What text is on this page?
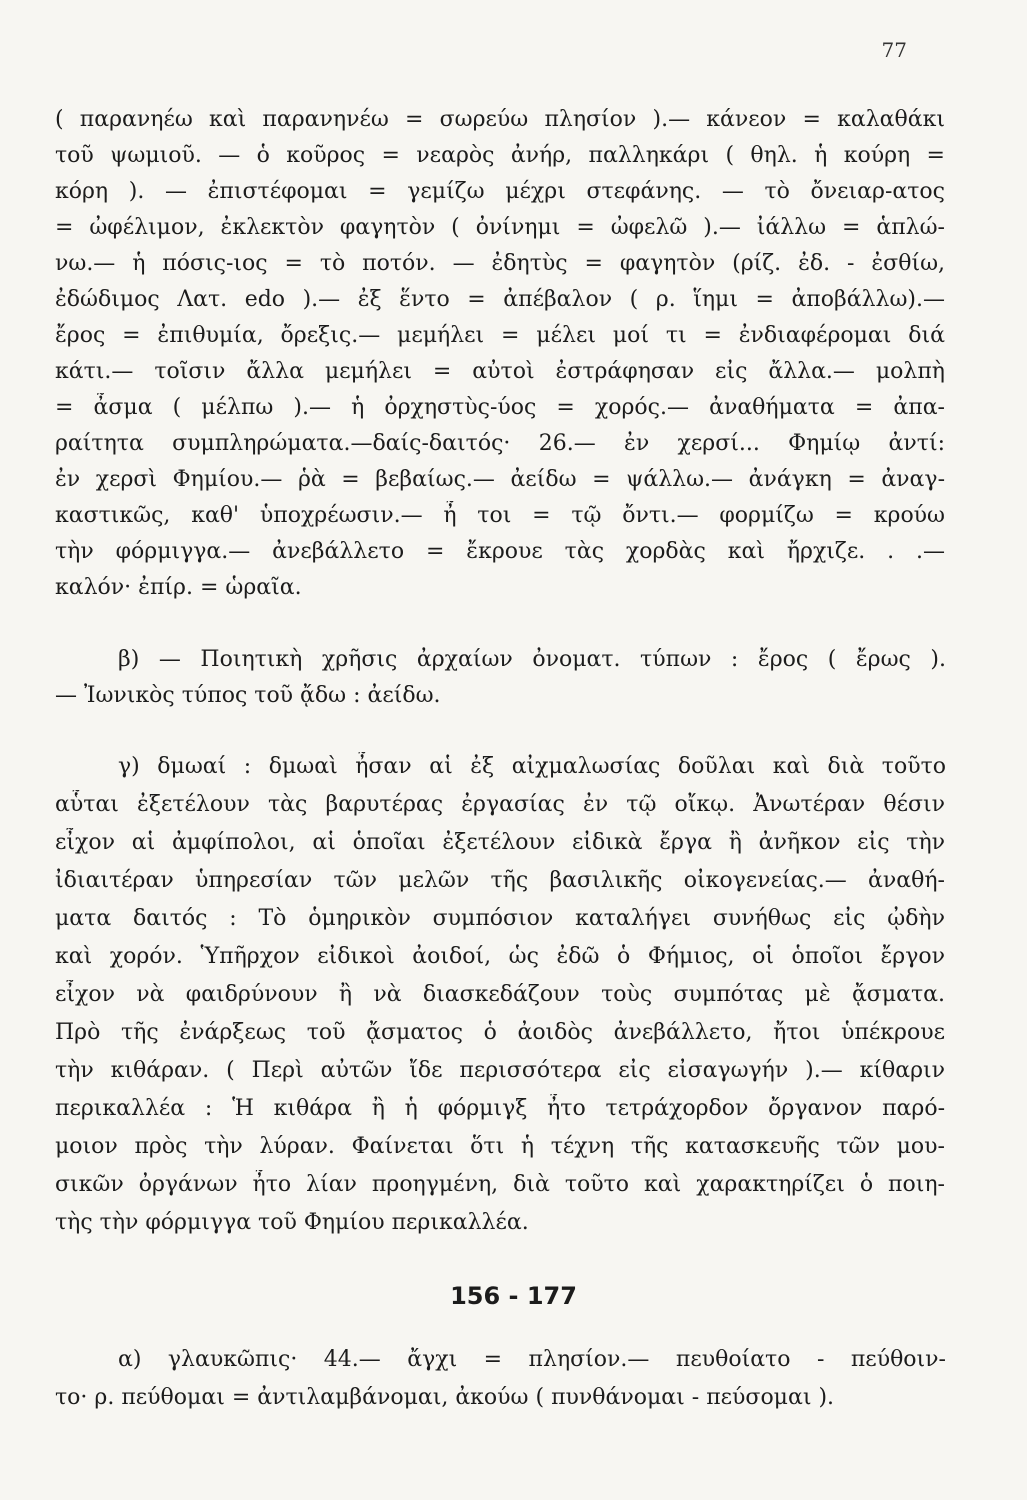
77
( παρανηέω καὶ παρανηνέω = σωρεύω πλησίον ).— κάνεον = καλαθάκι
τοῦ ψωμιοῦ. — ὁ κοῦρος = νεαρὸς ἀνήρ, παλληκάρι ( θηλ. ἡ κούρη =
κόρη ). — ἐπιστέφομαι = γεμίζω μέχρι στεφάνης. — τὸ ὄνειαρ-ατος
= ὠφέλιμον, ἐκλεκτὸν φαγητὸν ( ὀνίνημι = ὠφελῶ ).— ἰάλλω = ἁπλώ-
νω.— ἡ πόσις-ιος = τὸ ποτόν. — ἐδητὺς = φαγητὸν (ρίζ. ἐδ. - ἐσθίω,
ἐδώδιμος Λατ. edo ).— ἐξ ἕντο = ἀπέβαλον ( ρ. ἵημι = ἀποβάλλω).—
ἔρος = ἐπιθυμία, ὄρεξις.— μεμήλει = μέλει μοί τι = ἐνδιαφέρομαι διά
κάτι.— τοῖσιν ἄλλα μεμήλει = αὐτοὶ ἐστράφησαν εἰς ἄλλα.— μολπὴ
= ἆσμα ( μέλπω ).— ἡ ὀρχηστὺς-ύος = χορός.— ἀναθήματα = ἀπα-
ραίτητα συμπληρώματα.—δαίς-δαιτός· 26.— ἐν χερσί... Φημίῳ ἀντί:
ἐν χερσὶ Φημίου.— ῥὰ = βεβαίως.— ἀείδω = ψάλλω.— ἀνάγκη = ἀναγ-
καστικῶς, καθ' ὑποχρέωσιν.— ἦ τοι = τῷ ὄντι.— φορμίζω = κρούω
τὴν φόρμιγγα.— ἀνεβάλλετο = ἔκρουε τὰς χορδὰς καὶ ἤρχιζε. . .—
καλόν· ἐπίρ. = ὡραῖα.
β) — Ποιητικὴ χρῆσις ἀρχαίων ὀνοματ. τύπων : ἔρος ( ἔρως ).
— Ἰωνικὸς τύπος τοῦ ᾄδω : ἀείδω.
γ) δμωαί : δμωαὶ ἦσαν αἱ ἐξ αἰχμαλωσίας δοῦλαι καὶ διὰ τοῦτο
αὗται ἐξετέλουν τὰς βαρυτέρας ἐργασίας ἐν τῷ οἴκῳ. Ἀνωτέραν θέσιν
εἶχον αἱ ἀμφίπολοι, αἱ ὁποῖαι ἐξετέλουν εἰδικὰ ἔργα ἢ ἀνῆκον εἰς τὴν
ἰδιαιτέραν ὑπηρεσίαν τῶν μελῶν τῆς βασιλικῆς οἰκογενείας.— ἀναθή-
ματα δαιτός : Τὸ ὁμηρικὸν συμπόσιον καταλήγει συνήθως εἰς ᾠδὴν
καὶ χορόν. Ὑπῆρχον εἰδικοὶ ἀοιδοί, ὡς ἐδῶ ὁ Φήμιος, οἱ ὁποῖοι ἔργον
εἶχον νὰ φαιδρύνουν ἢ νὰ διασκεδάζουν τοὺς συμπότας μὲ ᾄσματα.
Πρὸ τῆς ἐνάρξεως τοῦ ᾄσματος ὁ ἀοιδὸς ἀνεβάλλετο, ἤτοι ὑπέκρουε
τὴν κιθάραν. ( Περὶ αὐτῶν ἴδε περισσότερα εἰς εἰσαγωγήν ).— κίθαριν
περικαλλέα : Ἡ κιθάρα ἢ ἡ φόρμιγξ ἦτο τετράχορδον ὄργανον παρό-
μοιον πρὸς τὴν λύραν. Φαίνεται ὅτι ἡ τέχνη τῆς κατασκευῆς τῶν μου-
σικῶν ὀργάνων ἦτο λίαν προηγμένη, διὰ τοῦτο καὶ χαρακτηρίζει ὁ ποιη-
τὴς τὴν φόρμιγγα τοῦ Φημίου περικαλλέα.
156 - 177
α) γλαυκῶπις· 44.— ἄγχι = πλησίον.— πευθοίατο - πεύθοιν-
το· ρ. πεύθομαι = ἀντιλαμβάνομαι, ἀκούω ( πυνθάνομαι - πεύσομαι ).
